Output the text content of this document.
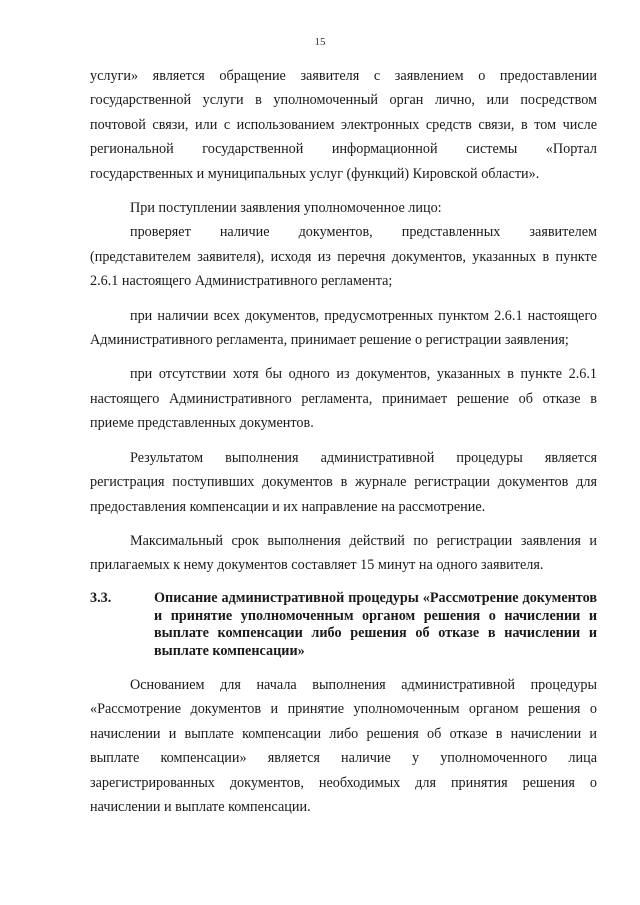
15

услуги» является обращение заявителя с заявлением о предоставлении государственной услуги в уполномоченный орган лично, или посредством почтовой связи, или с использованием электронных средств связи, в том числе региональной государственной информационной системы «Портал государственных и муниципальных услуг (функций) Кировской области».

При поступлении заявления уполномоченное лицо:

проверяет наличие документов, представленных заявителем (представителем заявителя), исходя из перечня документов, указанных в пункте 2.6.1 настоящего Административного регламента;

при наличии всех документов, предусмотренных пунктом 2.6.1 настоящего Административного регламента, принимает решение о регистрации заявления;

при отсутствии хотя бы одного из документов, указанных в пункте 2.6.1 настоящего Административного регламента, принимает решение об отказе в приеме представленных документов.

Результатом выполнения административной процедуры является регистрация поступивших документов в журнале регистрации документов для предоставления компенсации и их направление на рассмотрение.

Максимальный срок выполнения действий по регистрации заявления и прилагаемых к нему документов составляет 15 минут на одного заявителя.

3.3.	Описание административной процедуры «Рассмотрение документов и принятие уполномоченным органом решения о начислении и выплате компенсации либо решения об отказе в начислении и выплате компенсации»

Основанием для начала выполнения административной процедуры «Рассмотрение документов и принятие уполномоченным органом решения о начислении и выплате компенсации либо решения об отказе в начислении и выплате компенсации» является наличие у уполномоченного лица зарегистрированных документов, необходимых для принятия решения о начислении и выплате компенсации.
